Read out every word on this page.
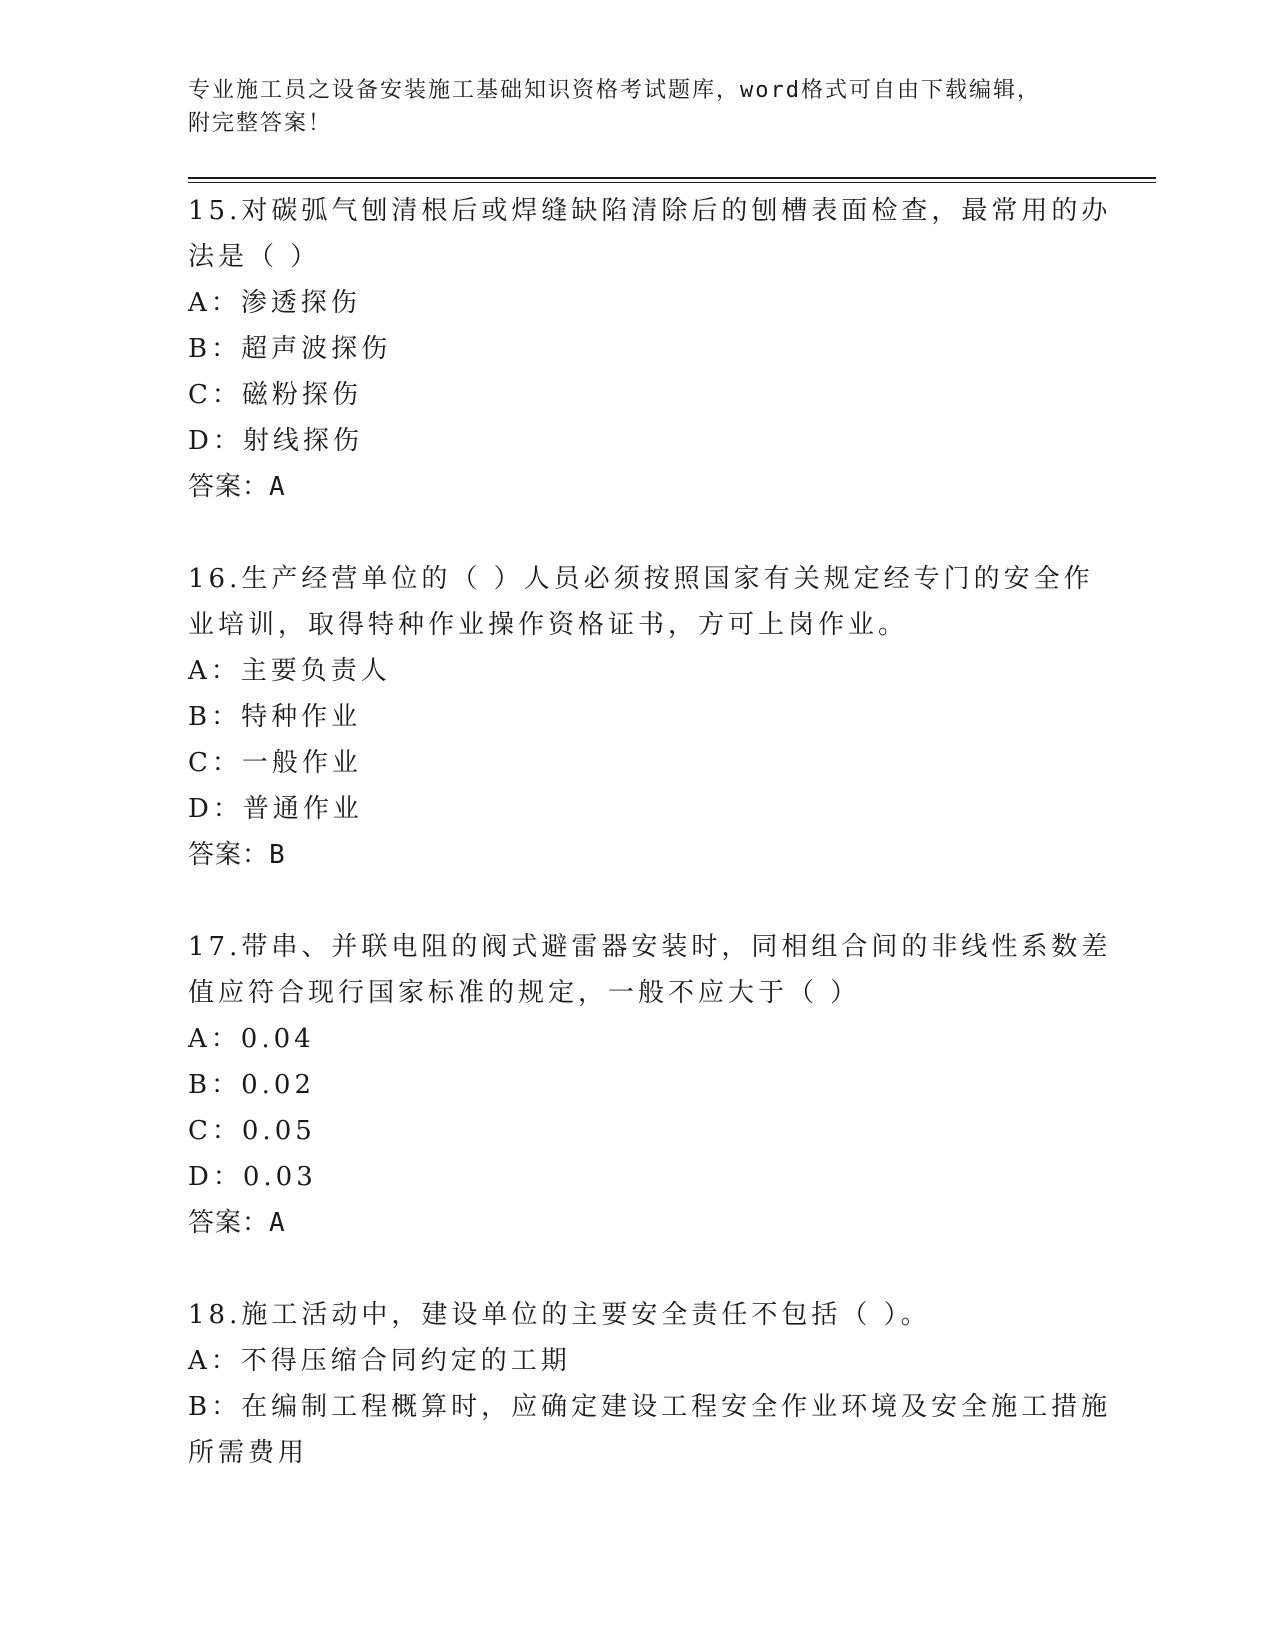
专业施工员之设备安装施工基础知识资格考试题库，word格式可自由下载编辑，
附完整答案！
15.对碳弧气刨清根后或焊缝缺陷清除后的刨槽表面检查，最常用的办
法是（ ）
A：渗透探伤
B：超声波探伤
C：磁粉探伤
D：射线探伤
答案：A
16.生产经营单位的（ ）人员必须按照国家有关规定经专门的安全作
业培训，取得特种作业操作资格证书，方可上岗作业。
A：主要负责人
B：特种作业
C：一般作业
D：普通作业
答案：B
17.带串、并联电阻的阀式避雷器安装时，同相组合间的非线性系数差
值应符合现行国家标准的规定，一般不应大于（ ）
A：0.04
B：0.02
C：0.05
D：0.03
答案：A
18.施工活动中，建设单位的主要安全责任不包括（ ）。
A：不得压缩合同约定的工期
B：在编制工程概算时，应确定建设工程安全作业环境及安全施工措施
所需费用
